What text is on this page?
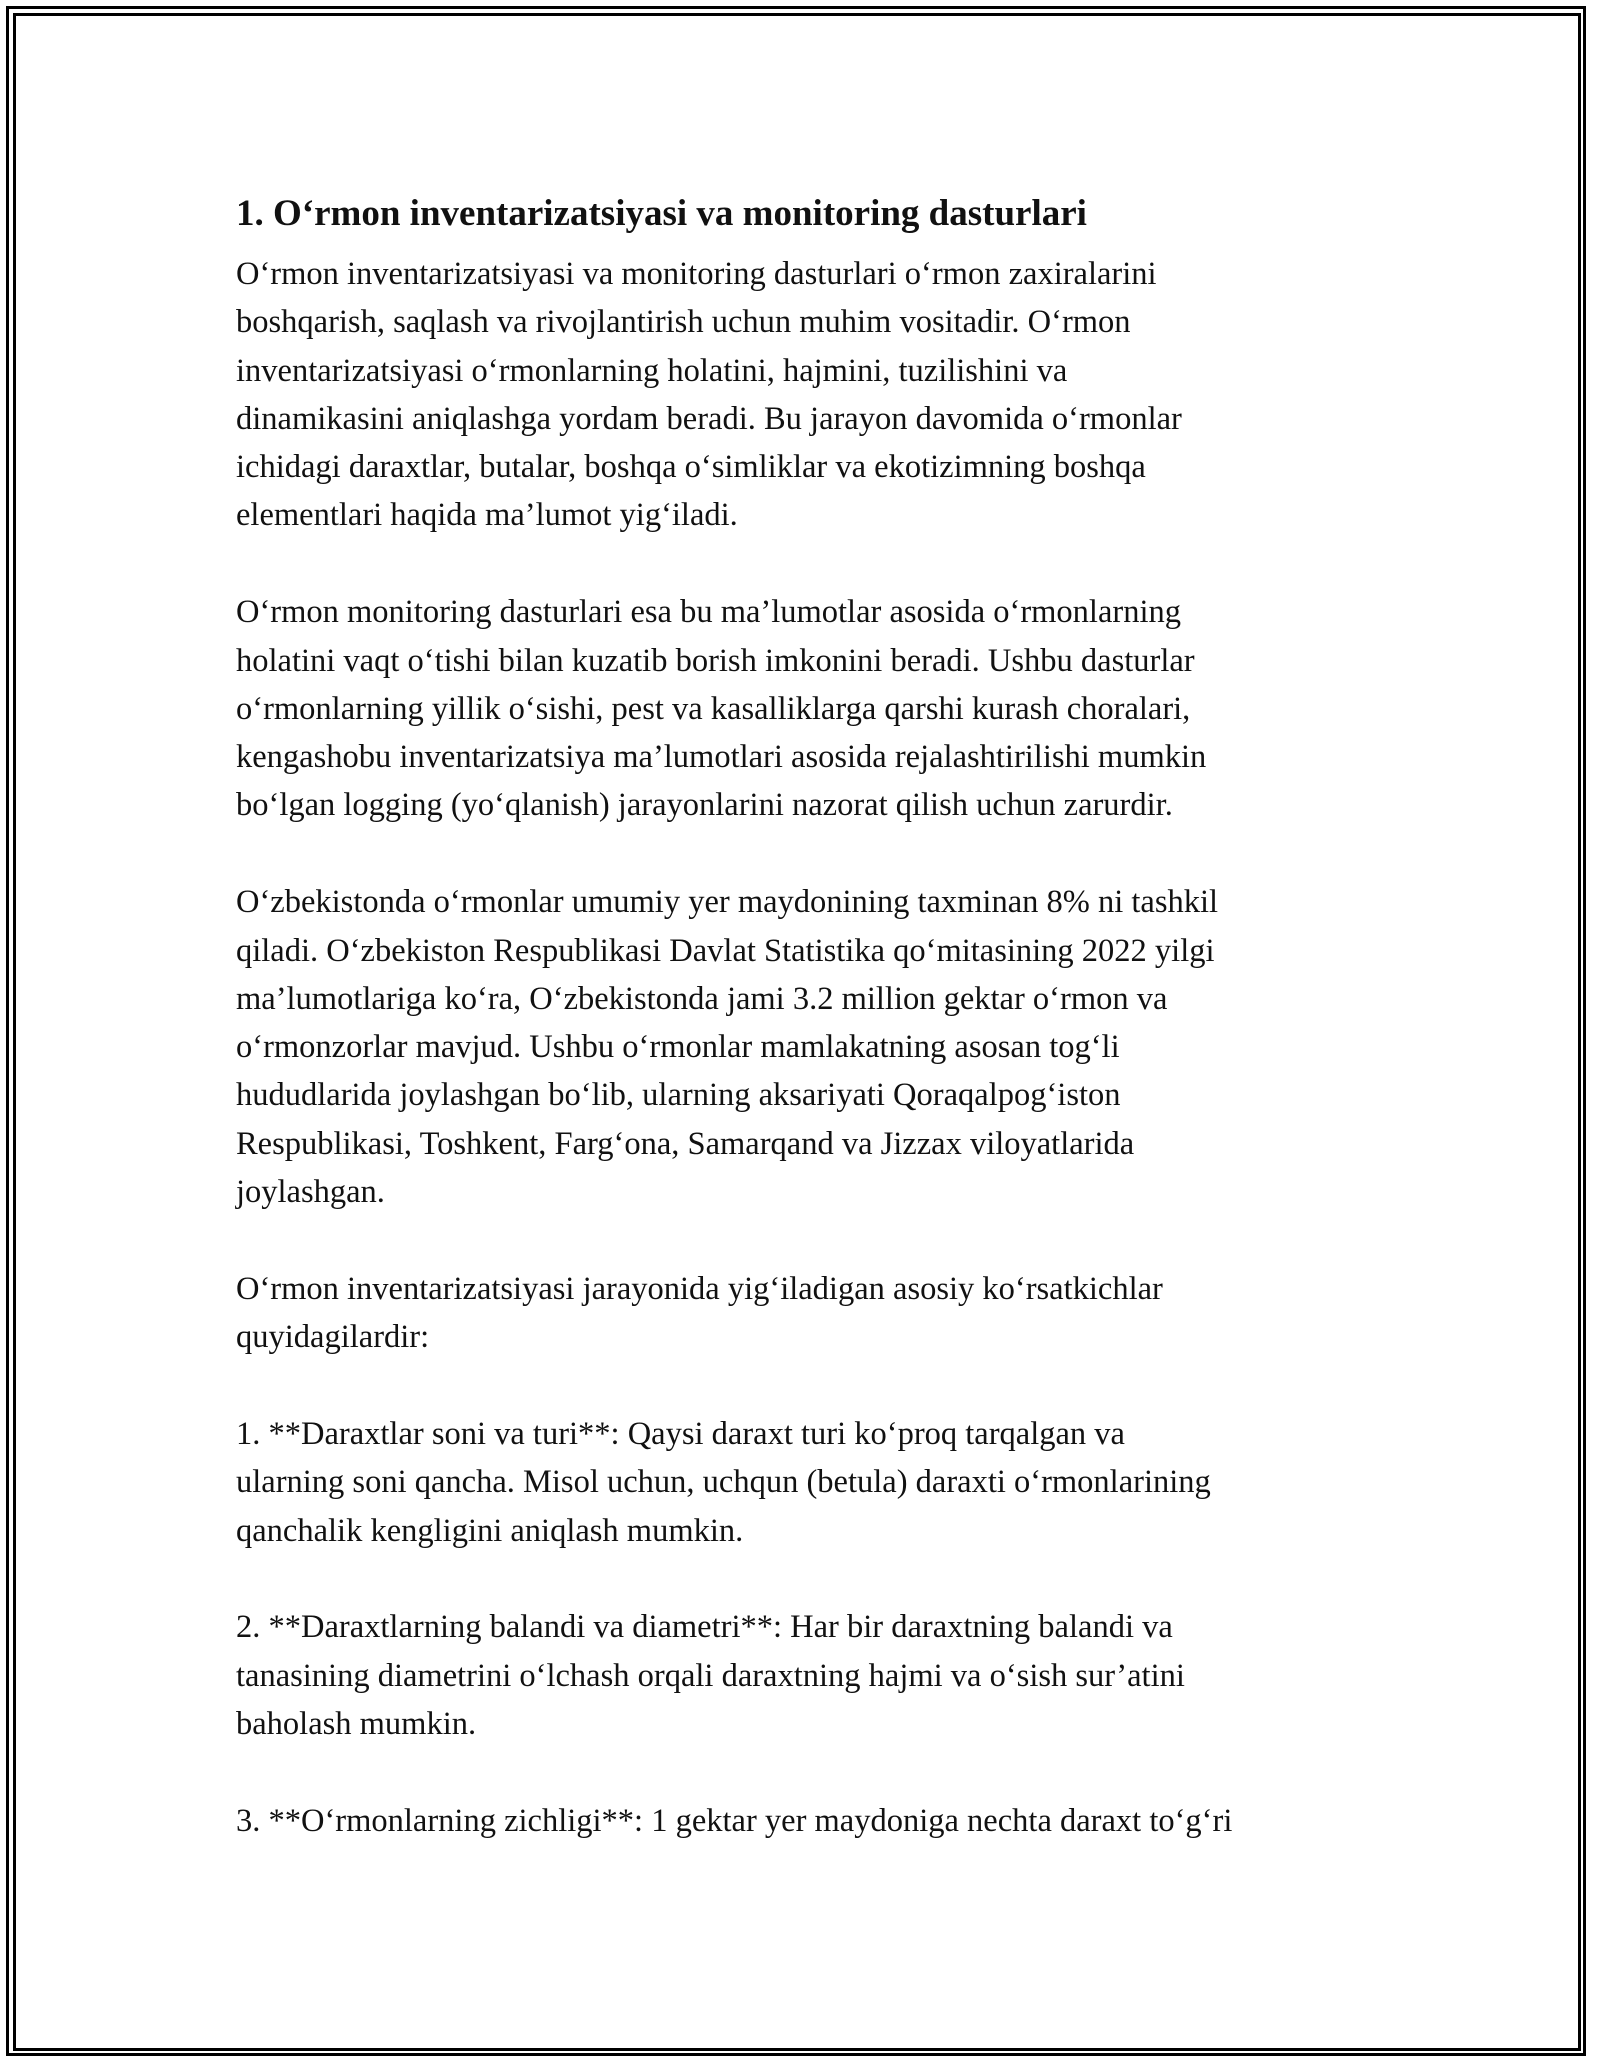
1. O‘rmon inventarizatsiyasi va monitoring dasturlari
O‘rmon inventarizatsiyasi va monitoring dasturlari o‘rmon zaxiralarini
boshqarish, saqlash va rivojlantirish uchun muhim vositadir. O‘rmon
inventarizatsiyasi o‘rmonlarning holatini, hajmini, tuzilishini va
dinamikasini aniqlashga yordam beradi. Bu jarayon davomida o‘rmonlar
ichidagi daraxtlar, butalar, boshqa o‘simliklar va ekotizimning boshqa
elementlari haqida ma’lumot yig‘iladi.
O‘rmon monitoring dasturlari esa bu ma’lumotlar asosida o‘rmonlarning
holatini vaqt o‘tishi bilan kuzatib borish imkonini beradi. Ushbu dasturlar
o‘rmonlarning yillik o‘sishi, pest va kasalliklarga qarshi kurash choralari,
kengashobu inventarizatsiya ma’lumotlari asosida rejalashtirilishi mumkin
bo‘lgan logging (yo‘qlanish) jarayonlarini nazorat qilish uchun zarurdir.
O‘zbekistonda o‘rmonlar umumiy yer maydonining taxminan 8% ni tashkil
qiladi. O‘zbekiston Respublikasi Davlat Statistika qo‘mitasining 2022 yilgi
ma’lumotlariga ko‘ra, O‘zbekistonda jami 3.2 million gektar o‘rmon va
o‘rmonzorlar mavjud. Ushbu o‘rmonlar mamlakatning asosan tog‘li
hududlarida joylashgan bo‘lib, ularning aksariyati Qoraqalpog‘iston
Respublikasi, Toshkent, Farg‘ona, Samarqand va Jizzax viloyatlarida
joylashgan.
O‘rmon inventarizatsiyasi jarayonida yig‘iladigan asosiy ko‘rsatkichlar
quyidagilardir:
1. **Daraxtlar soni va turi**: Qaysi daraxt turi ko‘proq tarqalgan va
ularning soni qancha. Misol uchun, uchqun (betula) daraxti o‘rmonlarining
qanchalik kengligini aniqlash mumkin.
2. **Daraxtlarning balandi va diametri**: Har bir daraxtning balandi va
tanasining diametrini o‘lchash orqali daraxtning hajmi va o‘sish sur’atini
baholash mumkin.
3. **O‘rmonlarning zichligi**: 1 gektar yer maydoniga nechta daraxt to‘g‘ri
